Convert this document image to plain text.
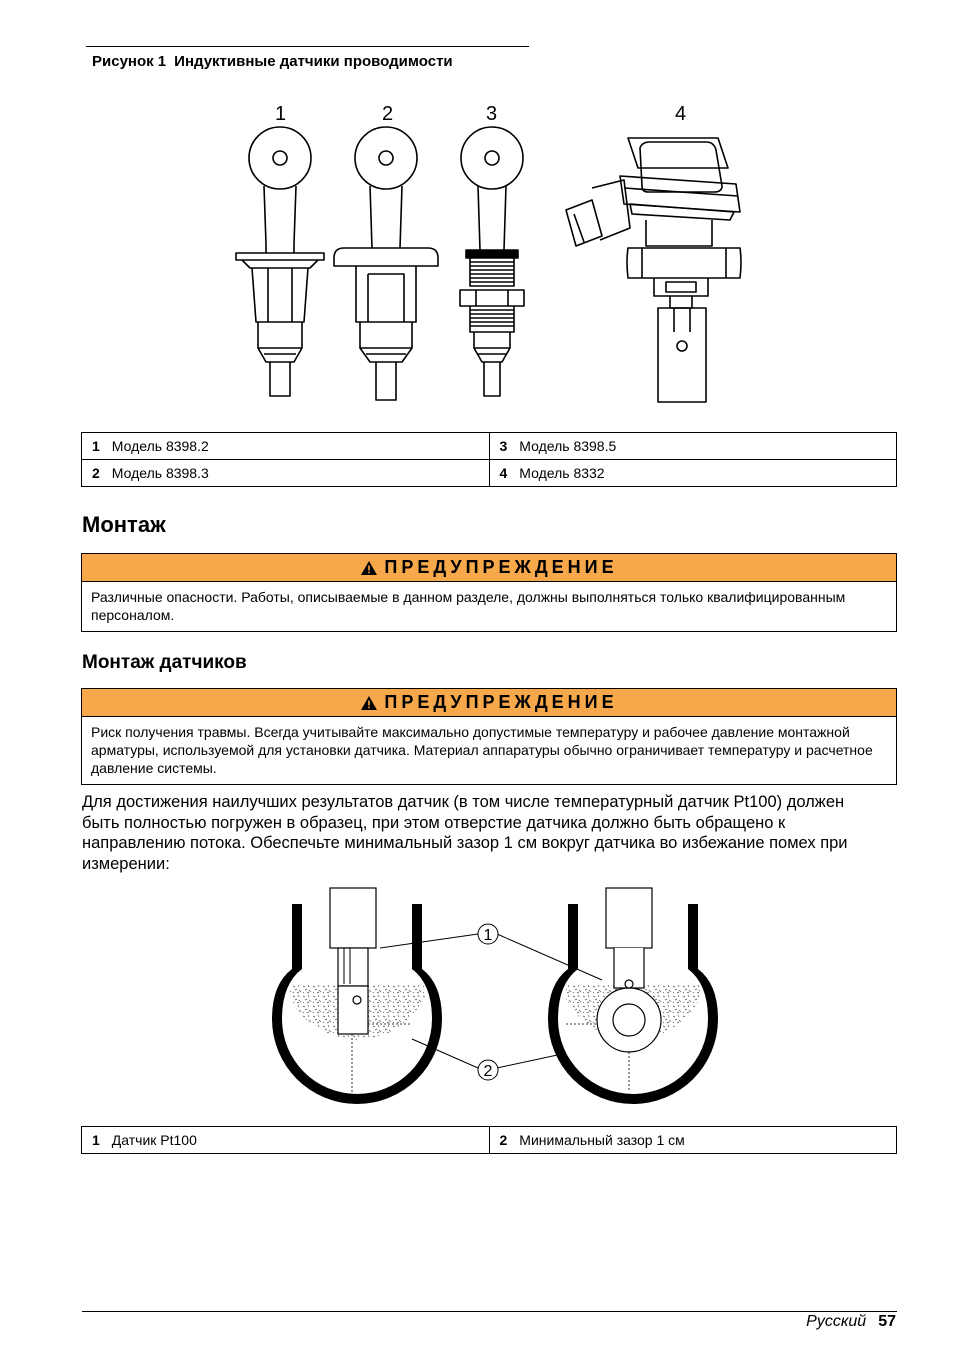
Рисунок 1 Индуктивные датчики проводимости
1	2	3	4
1 Модель 8398.2	3 Модель 8398.5
2 Модель 8398.3	4 Модель 8332
Монтаж
ПРЕДУПРЕЖДЕНИЕ
Различные опасности. Работы, описываемые в данном разделе, должны выполняться только квалифицированным персоналом.
Монтаж датчиков
ПРЕДУПРЕЖДЕНИЕ
Риск получения травмы. Всегда учитывайте максимально допустимые температуру и рабочее давление монтажной арматуры, используемой для установки датчика. Материал аппаратуры обычно ограничивает температуру и расчетное давление системы.

Для достижения наилучших результатов датчик (в том числе температурный датчик Pt100) должен быть полностью погружен в образец, при этом отверстие датчика должно быть обращено к направлению потока. Обеспечьте минимальный зазор 1 см вокруг датчика во избежание помех при измерении:

1
2
1 Датчик Pt100	2 Минимальный зазор 1 см
Русский 57
